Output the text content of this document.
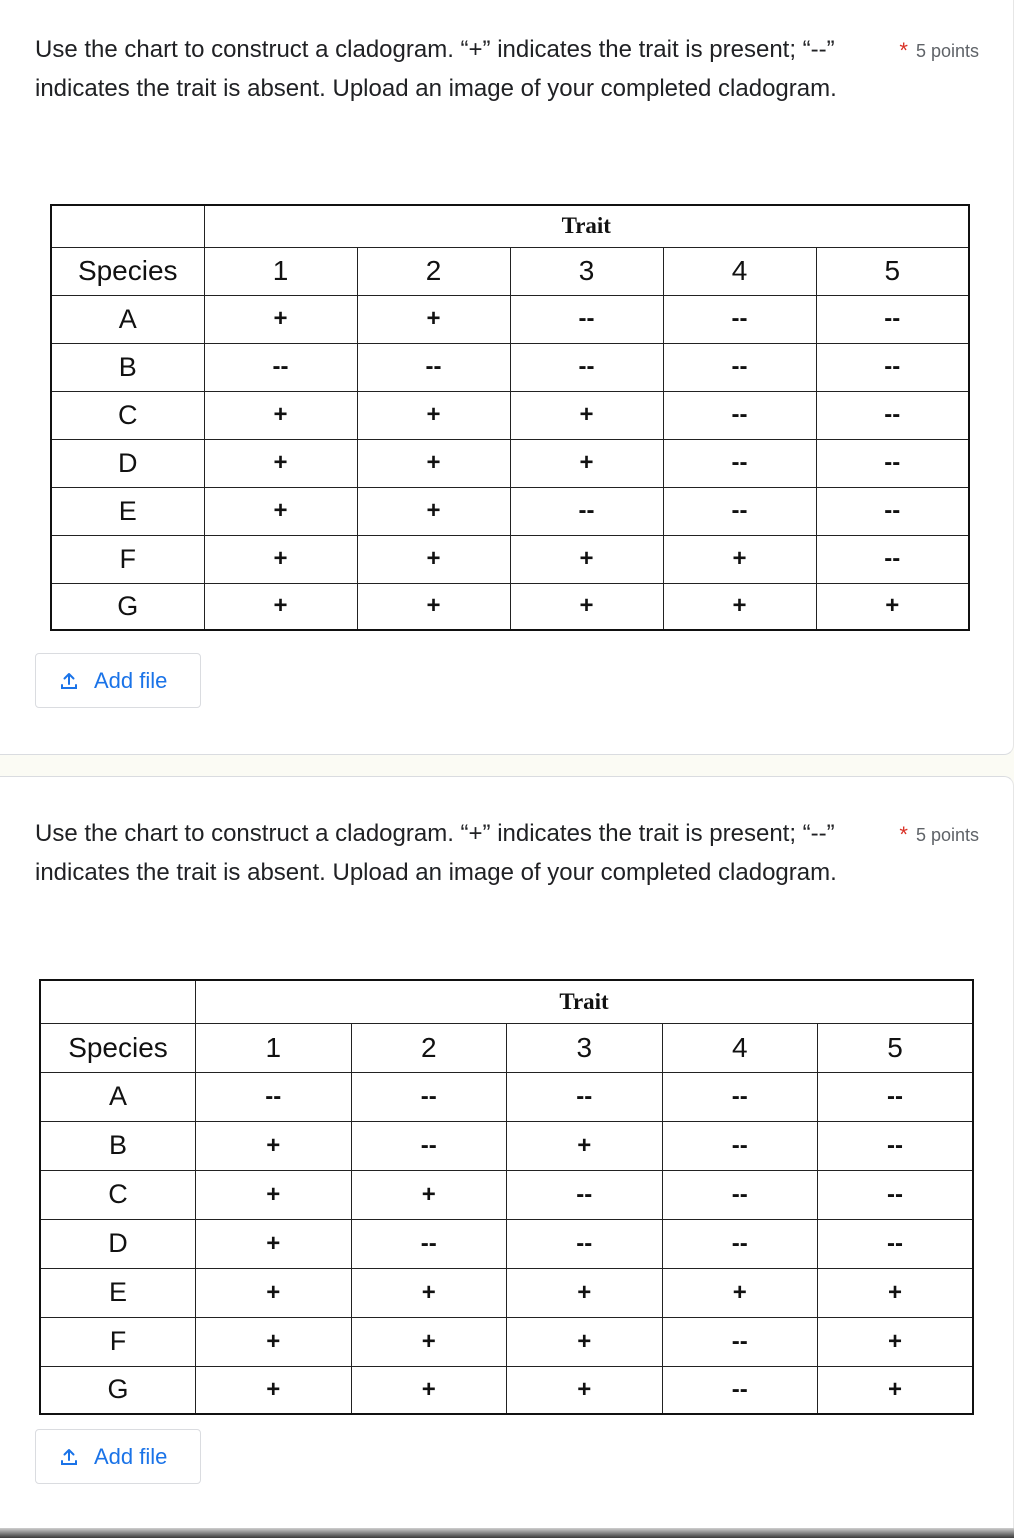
Use the chart to construct a cladogram. “+” indicates the trait is present; “--” indicates the trait is absent. Upload an image of your completed cladogram.

* 5 points
	Trait				
Species	1	2	3	4	5
A	+	+	--	--	--
B	--	--	--	--	--
C	+	+	+	--	--
D	+	+	+	--	--
E	+	+	--	--	--
F	+	+	+	+	--
G	+	+	+	+	+
Add file

Use the chart to construct a cladogram. “+” indicates the trait is present; “--” indicates the trait is absent. Upload an image of your completed cladogram.

* 5 points
	Trait				
Species	1	2	3	4	5
A	--	--	--	--	--
B	+	--	+	--	--
C	+	+	--	--	--
D	+	--	--	--	--
E	+	+	+	+	+
F	+	+	+	--	+
G	+	+	+	--	+
Add file
